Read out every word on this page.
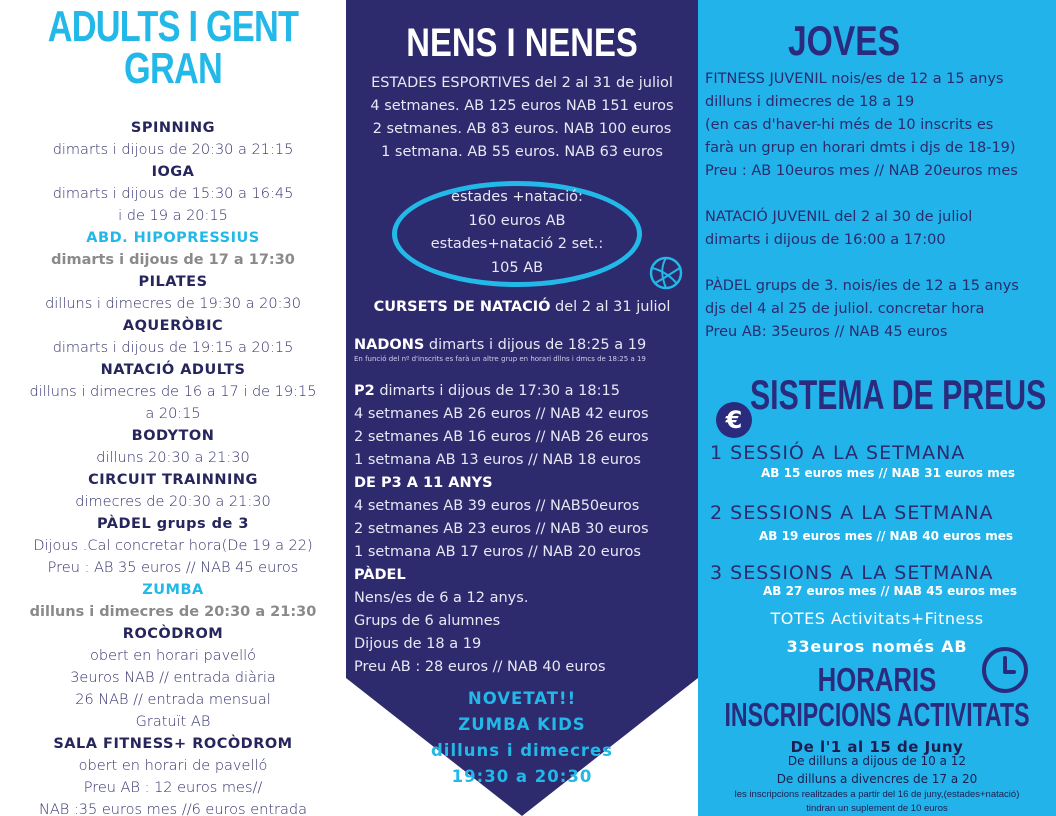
ADULTS I GENT
GRAN
SPINNING
dimarts i dijous de 20:30 a 21:15
IOGA
dimarts i dijous de 15:30 a 16:45
i de 19 a 20:15
ABD. HIPOPRESSIUS
dimarts i dijous de 17 a 17:30
PILATES
dilluns i dimecres de 19:30 a 20:30
AQUERÒBIC
dimarts i dijous de 19:15 a 20:15
NATACIÓ ADULTS
dilluns i dimecres de 16 a 17 i de 19:15
a 20:15
BODYTON
dilluns 20:30 a 21:30
CIRCUIT TRAINNING
dimecres de 20:30 a 21:30
PÀDEL grups de 3
Dijous .Cal concretar hora(De 19 a 22)
Preu : AB 35 euros // NAB 45 euros
ZUMBA
dilluns i dimecres de 20:30 a 21:30
ROCÒDROM
obert en horari pavelló
3euros NAB // entrada diària
26 NAB // entrada mensual
Gratuït AB
SALA FITNESS+ ROCÒDROM
obert en horari de pavelló
Preu AB : 12 euros mes//
NAB :35 euros mes //6 euros entrada
NENS I NENES
ESTADES ESPORTIVES del 2 al 31 de juliol
4 setmanes. AB 125 euros NAB 151 euros
2 setmanes. AB 83 euros. NAB 100 euros
1 setmana. AB 55 euros. NAB 63 euros
estades +natació:
160 euros AB
estades+natació 2 set.:
105 AB
CURSETS DE NATACIÓ del 2 al 31 juliol
NADONS dimarts i dijous de 18:25 a 19
En funció del nº d'inscrits es farà un altre grup en horari dllns i dmcs de 18:25 a 19
P2 dimarts i dijous de 17:30 a 18:15
4 setmanes AB 26 euros // NAB 42 euros
2 setmanes AB 16 euros // NAB 26 euros
1 setmana AB 13 euros // NAB 18 euros
DE P3 A 11 ANYS
4 setmanes AB 39 euros // NAB50euros
2 setmanes AB 23 euros // NAB 30 euros
1 setmana AB 17 euros // NAB 20 euros
PÀDEL
Nens/es de 6 a 12 anys.
Grups de 6 alumnes
Dijous de 18 a 19
Preu AB : 28 euros // NAB 40 euros
NOVETAT!!
ZUMBA KIDS
dilluns i dimecres
19:30 a 20:30
JOVES
FITNESS JUVENIL nois/es de 12 a 15 anys
dilluns i dimecres de 18 a 19
(en cas d'haver-hi més de 10 inscrits es
farà un grup en horari dmts i djs de 18-19)
Preu : AB 10euros mes // NAB 20euros mes
NATACIÓ JUVENIL del 2 al 30 de juliol
dimarts i dijous de 16:00 a 17:00
PÀDEL grups de 3. nois/ies de 12 a 15 anys
djs del 4 al 25 de juliol. concretar hora
Preu AB: 35euros // NAB 45 euros
€
SISTEMA DE PREUS
1 SESSIÓ A LA SETMANA
AB 15 euros mes // NAB 31 euros mes
2 SESSIONS A LA SETMANA
AB 19 euros mes // NAB 40 euros mes
3 SESSIONS A LA SETMANA
AB 27 euros mes // NAB 45 euros mes
TOTES Activitats+Fitness
33euros només AB
HORARIS
INSCRIPCIONS ACTIVITATS
De l'1 al 15 de Juny
De dilluns a dijous de 10 a 12
De dilluns a divencres de 17 a 20
les inscripcions realitzades a partir del 16 de juny,(estades+natació)
tindran un suplement de 10 euros
